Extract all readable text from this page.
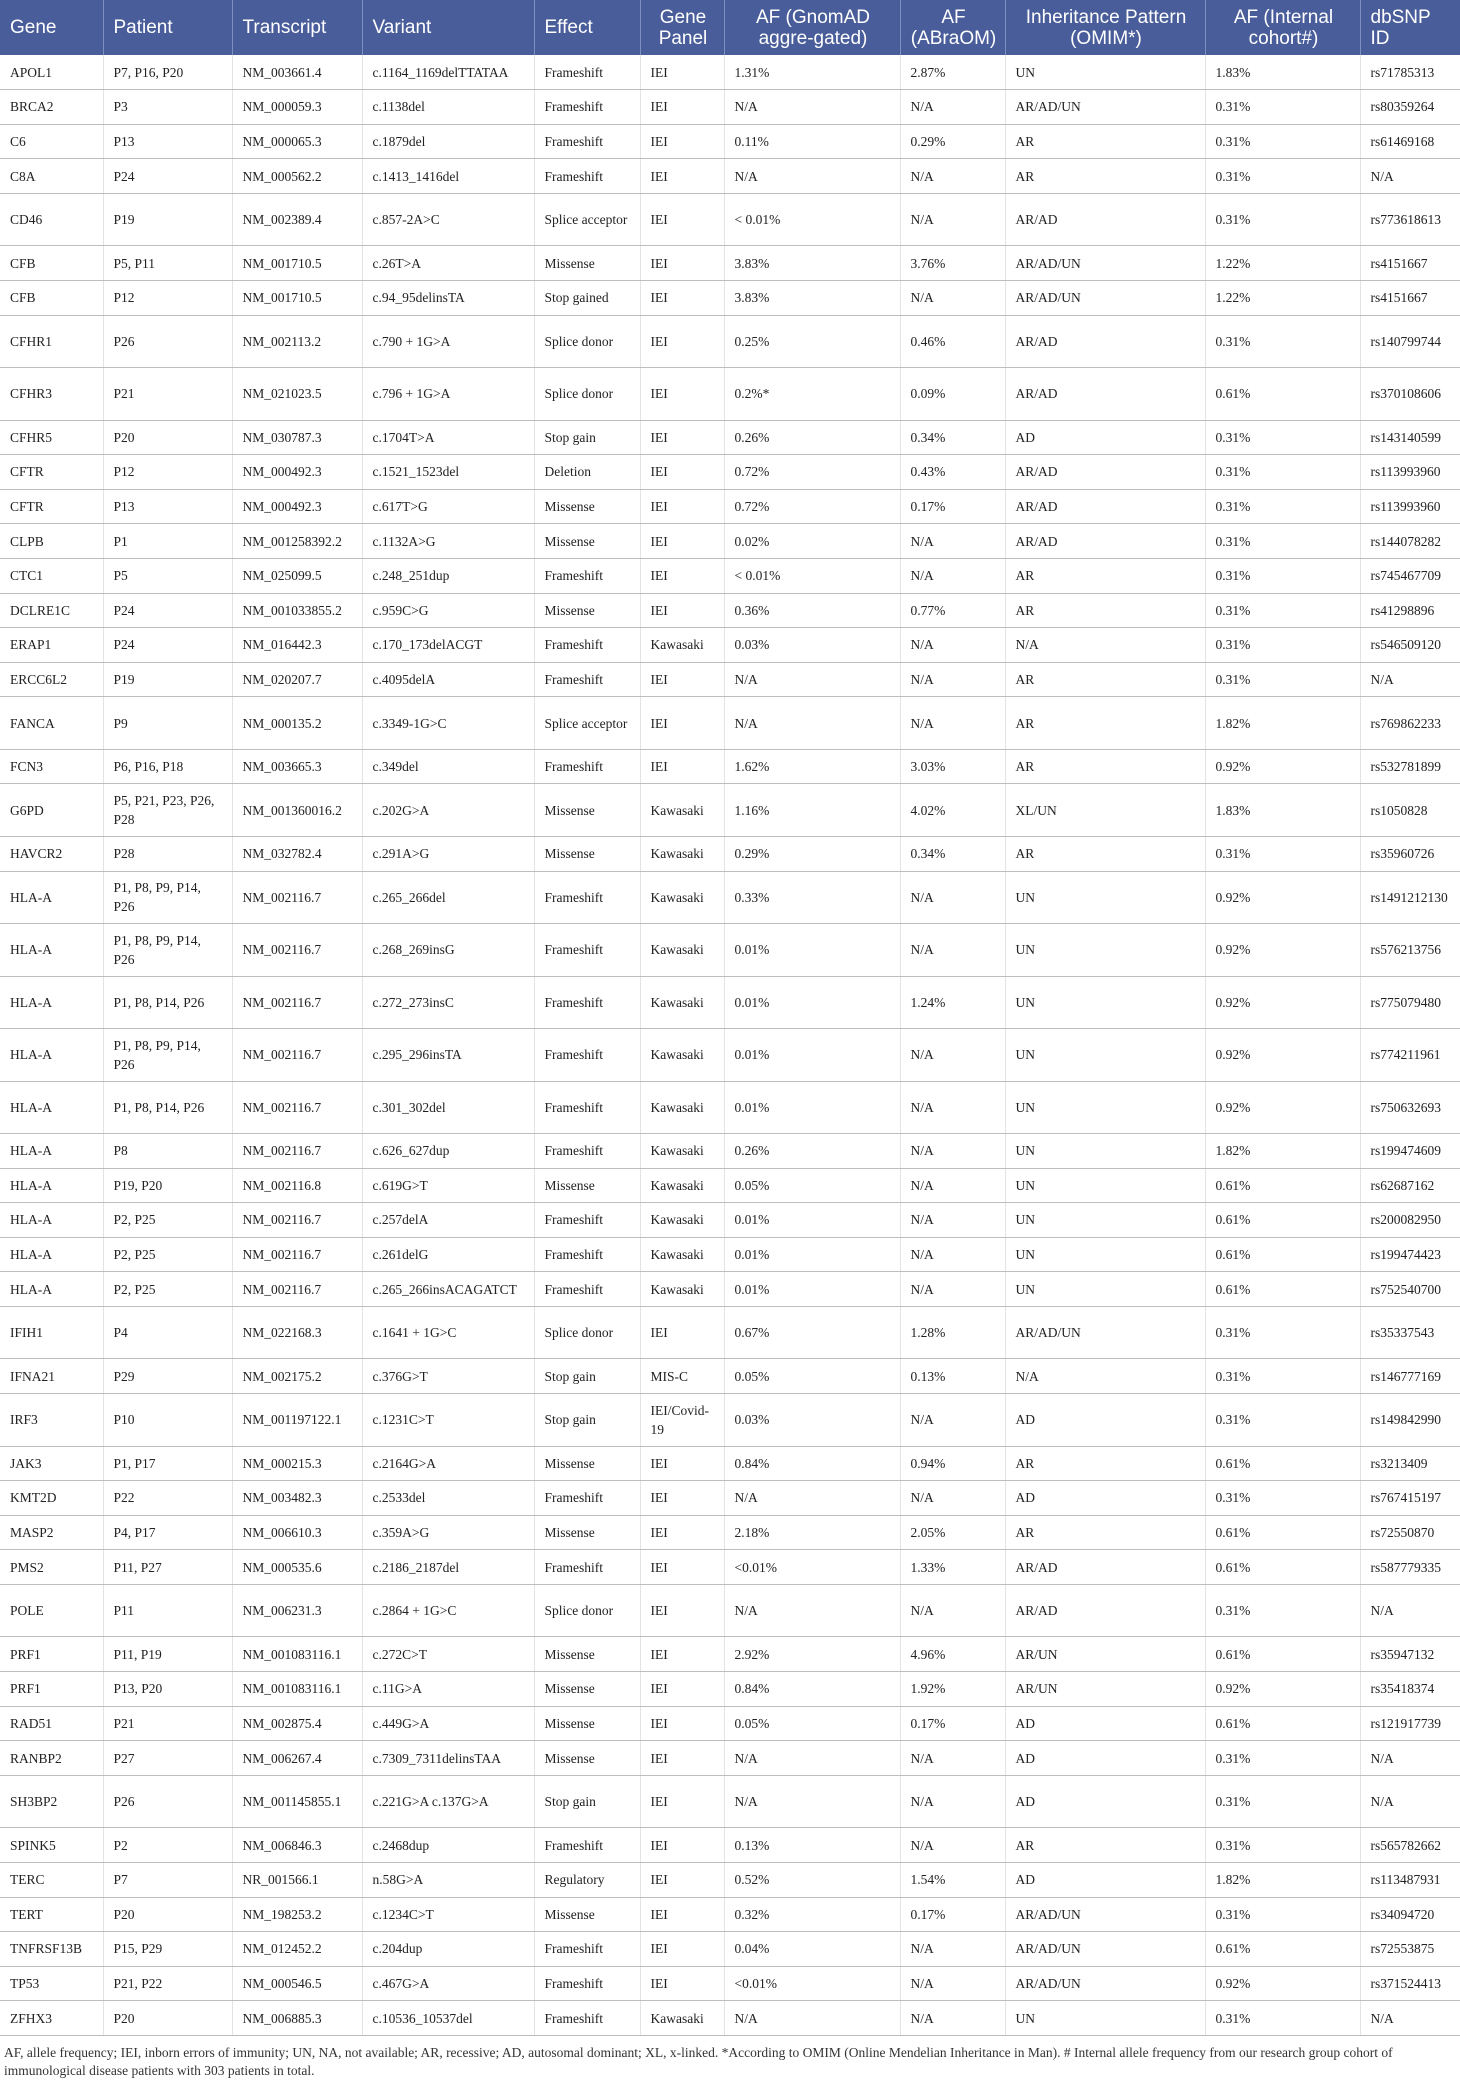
Gene	Patient	Transcript	Variant	Effect	Gene Panel	AF (GnomAD aggre-gated)	AF (ABraOM)	Inheritance Pattern (OMIM*)	AF (Internal cohort#)	dbSNP ID
APOL1	P7, P16, P20	NM_003661.4	c.1164_1169delTTATAA	Frameshift	IEI	1.31%	2.87%	UN	1.83%	rs71785313
BRCA2	P3	NM_000059.3	c.1138del	Frameshift	IEI	N/A	N/A	AR/AD/UN	0.31%	rs80359264
C6	P13	NM_000065.3	c.1879del	Frameshift	IEI	0.11%	0.29%	AR	0.31%	rs61469168
C8A	P24	NM_000562.2	c.1413_1416del	Frameshift	IEI	N/A	N/A	AR	0.31%	N/A
CD46	P19	NM_002389.4	c.857-2A>C	Splice acceptor	IEI	< 0.01%	N/A	AR/AD	0.31%	rs773618613
CFB	P5, P11	NM_001710.5	c.26T>A	Missense	IEI	3.83%	3.76%	AR/AD/UN	1.22%	rs4151667
CFB	P12	NM_001710.5	c.94_95delinsTA	Stop gained	IEI	3.83%	N/A	AR/AD/UN	1.22%	rs4151667
CFHR1	P26	NM_002113.2	c.790 + 1G>A	Splice donor	IEI	0.25%	0.46%	AR/AD	0.31%	rs140799744
CFHR3	P21	NM_021023.5	c.796 + 1G>A	Splice donor	IEI	0.2%*	0.09%	AR/AD	0.61%	rs370108606
CFHR5	P20	NM_030787.3	c.1704T>A	Stop gain	IEI	0.26%	0.34%	AD	0.31%	rs143140599
CFTR	P12	NM_000492.3	c.1521_1523del	Deletion	IEI	0.72%	0.43%	AR/AD	0.31%	rs113993960
CFTR	P13	NM_000492.3	c.617T>G	Missense	IEI	0.72%	0.17%	AR/AD	0.31%	rs113993960
CLPB	P1	NM_001258392.2	c.1132A>G	Missense	IEI	0.02%	N/A	AR/AD	0.31%	rs144078282
CTC1	P5	NM_025099.5	c.248_251dup	Frameshift	IEI	< 0.01%	N/A	AR	0.31%	rs745467709
DCLRE1C	P24	NM_001033855.2	c.959C>G	Missense	IEI	0.36%	0.77%	AR	0.31%	rs41298896
ERAP1	P24	NM_016442.3	c.170_173delACGT	Frameshift	Kawasaki	0.03%	N/A	N/A	0.31%	rs546509120
ERCC6L2	P19	NM_020207.7	c.4095delA	Frameshift	IEI	N/A	N/A	AR	0.31%	N/A
FANCA	P9	NM_000135.2	c.3349-1G>C	Splice acceptor	IEI	N/A	N/A	AR	1.82%	rs769862233
FCN3	P6, P16, P18	NM_003665.3	c.349del	Frameshift	IEI	1.62%	3.03%	AR	0.92%	rs532781899
G6PD	P5, P21, P23, P26, P28	NM_001360016.2	c.202G>A	Missense	Kawasaki	1.16%	4.02%	XL/UN	1.83%	rs1050828
HAVCR2	P28	NM_032782.4	c.291A>G	Missense	Kawasaki	0.29%	0.34%	AR	0.31%	rs35960726
HLA-A	P1, P8, P9, P14, P26	NM_002116.7	c.265_266del	Frameshift	Kawasaki	0.33%	N/A	UN	0.92%	rs1491212130
HLA-A	P1, P8, P9, P14, P26	NM_002116.7	c.268_269insG	Frameshift	Kawasaki	0.01%	N/A	UN	0.92%	rs576213756
HLA-A	P1, P8, P14, P26	NM_002116.7	c.272_273insC	Frameshift	Kawasaki	0.01%	1.24%	UN	0.92%	rs775079480
HLA-A	P1, P8, P9, P14, P26	NM_002116.7	c.295_296insTA	Frameshift	Kawasaki	0.01%	N/A	UN	0.92%	rs774211961
HLA-A	P1, P8, P14, P26	NM_002116.7	c.301_302del	Frameshift	Kawasaki	0.01%	N/A	UN	0.92%	rs750632693
HLA-A	P8	NM_002116.7	c.626_627dup	Frameshift	Kawasaki	0.26%	N/A	UN	1.82%	rs199474609
HLA-A	P19, P20	NM_002116.8	c.619G>T	Missense	Kawasaki	0.05%	N/A	UN	0.61%	rs62687162
HLA-A	P2, P25	NM_002116.7	c.257delA	Frameshift	Kawasaki	0.01%	N/A	UN	0.61%	rs200082950
HLA-A	P2, P25	NM_002116.7	c.261delG	Frameshift	Kawasaki	0.01%	N/A	UN	0.61%	rs199474423
HLA-A	P2, P25	NM_002116.7	c.265_266insACAGATCT	Frameshift	Kawasaki	0.01%	N/A	UN	0.61%	rs752540700
IFIH1	P4	NM_022168.3	c.1641 + 1G>C	Splice donor	IEI	0.67%	1.28%	AR/AD/UN	0.31%	rs35337543
IFNA21	P29	NM_002175.2	c.376G>T	Stop gain	MIS-C	0.05%	0.13%	N/A	0.31%	rs146777169
IRF3	P10	NM_001197122.1	c.1231C>T	Stop gain	IEI/Covid-19	0.03%	N/A	AD	0.31%	rs149842990
JAK3	P1, P17	NM_000215.3	c.2164G>A	Missense	IEI	0.84%	0.94%	AR	0.61%	rs3213409
KMT2D	P22	NM_003482.3	c.2533del	Frameshift	IEI	N/A	N/A	AD	0.31%	rs767415197
MASP2	P4, P17	NM_006610.3	c.359A>G	Missense	IEI	2.18%	2.05%	AR	0.61%	rs72550870
PMS2	P11, P27	NM_000535.6	c.2186_2187del	Frameshift	IEI	<0.01%	1.33%	AR/AD	0.61%	rs587779335
POLE	P11	NM_006231.3	c.2864 + 1G>C	Splice donor	IEI	N/A	N/A	AR/AD	0.31%	N/A
PRF1	P11, P19	NM_001083116.1	c.272C>T	Missense	IEI	2.92%	4.96%	AR/UN	0.61%	rs35947132
PRF1	P13, P20	NM_001083116.1	c.11G>A	Missense	IEI	0.84%	1.92%	AR/UN	0.92%	rs35418374
RAD51	P21	NM_002875.4	c.449G>A	Missense	IEI	0.05%	0.17%	AD	0.61%	rs121917739
RANBP2	P27	NM_006267.4	c.7309_7311delinsTAA	Missense	IEI	N/A	N/A	AD	0.31%	N/A
SH3BP2	P26	NM_001145855.1	c.221G>A c.137G>A	Stop gain	IEI	N/A	N/A	AD	0.31%	N/A
SPINK5	P2	NM_006846.3	c.2468dup	Frameshift	IEI	0.13%	N/A	AR	0.31%	rs565782662
TERC	P7	NR_001566.1	n.58G>A	Regulatory	IEI	0.52%	1.54%	AD	1.82%	rs113487931
TERT	P20	NM_198253.2	c.1234C>T	Missense	IEI	0.32%	0.17%	AR/AD/UN	0.31%	rs34094720
TNFRSF13B	P15, P29	NM_012452.2	c.204dup	Frameshift	IEI	0.04%	N/A	AR/AD/UN	0.61%	rs72553875
TP53	P21, P22	NM_000546.5	c.467G>A	Frameshift	IEI	<0.01%	N/A	AR/AD/UN	0.92%	rs371524413
ZFHX3	P20	NM_006885.3	c.10536_10537del	Frameshift	Kawasaki	N/A	N/A	UN	0.31%	N/A
AF, allele frequency; IEI, inborn errors of immunity; UN, NA, not available; AR, recessive; AD, autosomal dominant; XL, x-linked. *According to OMIM (Online Mendelian Inheritance in Man). # Internal allele frequency from our research group cohort of immunological disease patients with 303 patients in total.
